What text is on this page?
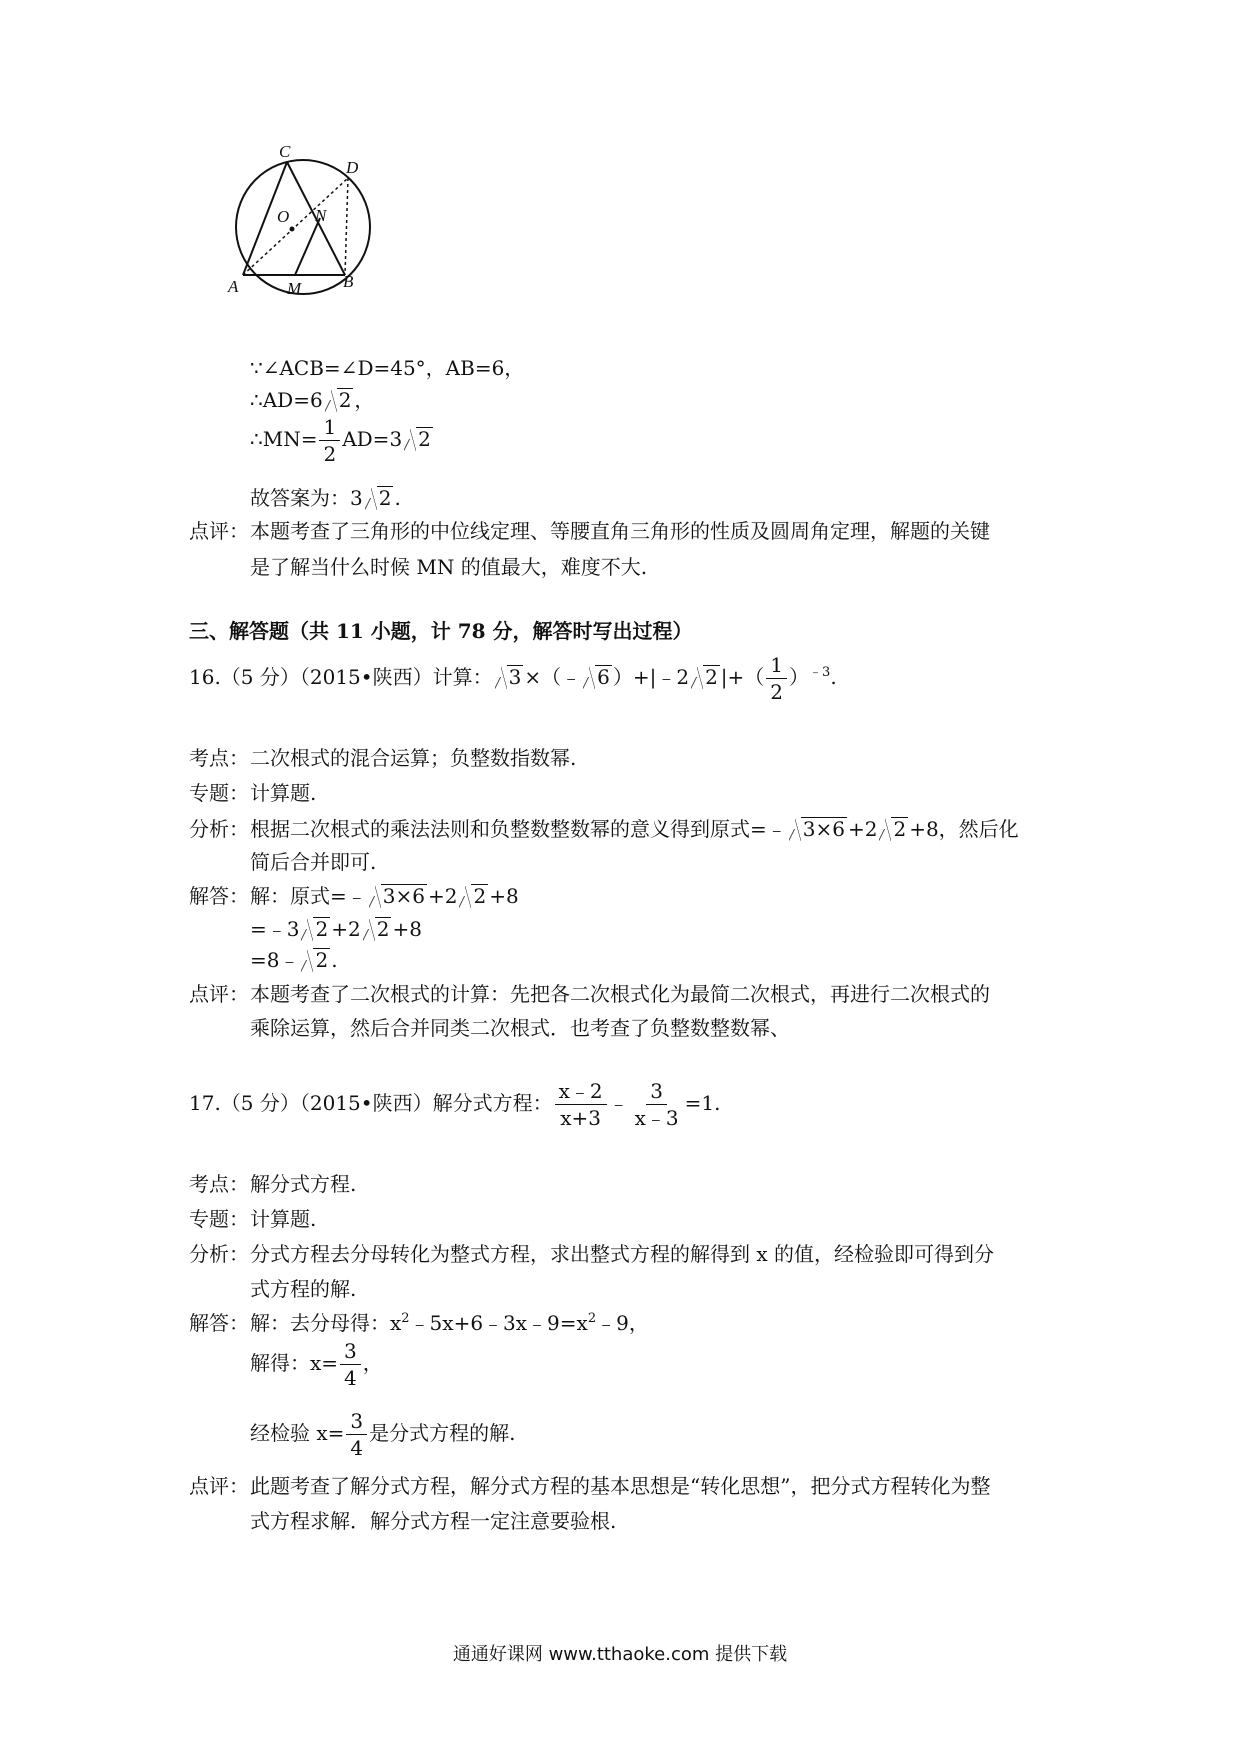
C
D
O N
A	M B
∵∠ACB=∠D=45°，AB=6，
∴AD=6 2 ，
∴MN= $\frac{1}{2} AD=3$ 2
故答案为：3 2 .
点评： 本题考查了三角形的中位线定理、等腰直角三角形的性质及圆周角定理，解题的关键
是了解当什么时候 MN 的值最大，难度不大.
三、解答题（共 11 小题，计 78 分，解答时写出过程）
16.（5 分）（2015•陕西）计算： 3 ×（﹣ 6 ）+|﹣2 2 |+（ $\frac{1}{2} )^{﹣3}$.
考点： 二次根式的混合运算；负整数指数幂.
专题： 计算题.
分析： 根据二次根式的乘法法则和负整数整数幂的意义得到原式=﹣ 3×6 +2 2 +8，然后化
简后合并即可.
解答： 解：原式=﹣ 3×6 +2 2 +8
=﹣3 2 +2 2 +8
=8﹣ 2 .
点评： 本题考查了二次根式的计算：先把各二次根式化为最简二次根式，再进行二次根式的
乘除运算，然后合并同类二次根式．也考查了负整数整数幂、
17.（5 分）（2015•陕西）解分式方程： $\frac{x﹣2}{x+3}$ ﹣ $\frac{3}{x﹣3} =1$.
考点： 解分式方程.
专题： 计算题.
分析： 分式方程去分母转化为整式方程，求出整式方程的解得到 x 的值，经检验即可得到分
式方程的解.
解答： 解：去分母得：$x^2﹣5x+6﹣3x﹣9=x^2﹣9$，
解得：$x= \frac{3}{4}$ ，
经检验 $x= \frac{3}{4}$ 是分式方程的解.
点评： 此题考查了解分式方程，解分式方程的基本思想是“转化思想”，把分式方程转化为整
式方程求解．解分式方程一定注意要验根.
通通好课网 www.tthaoke.com 提供下载
